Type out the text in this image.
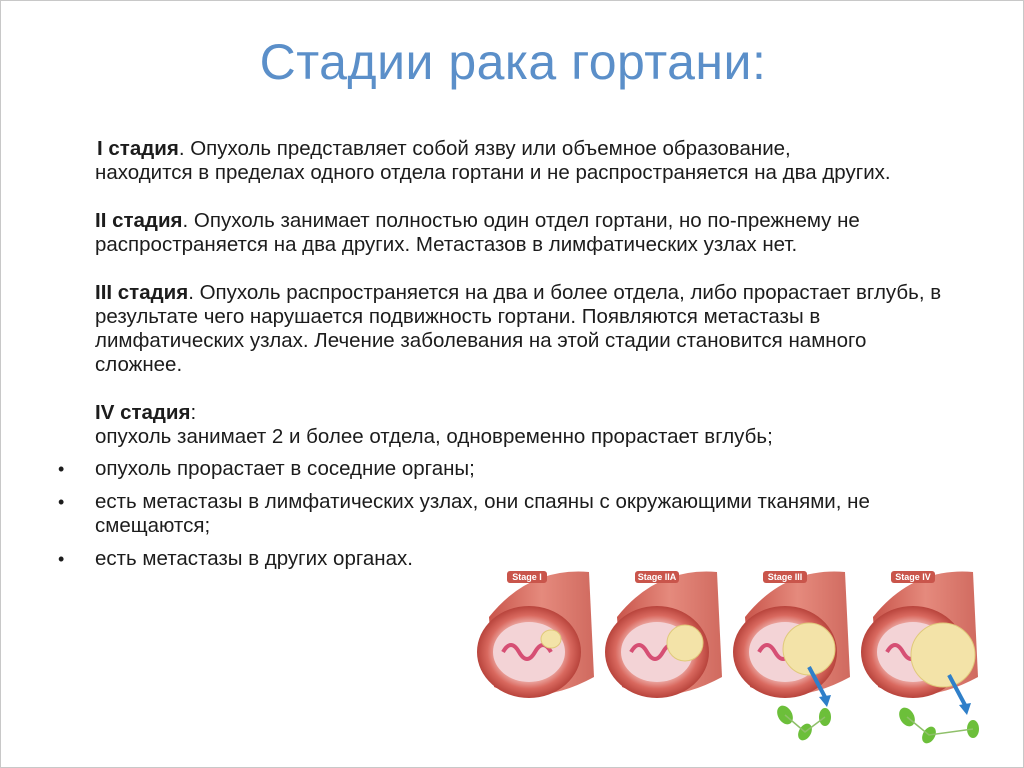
Стадии рака гортани:

I стадия. Опухоль представляет собой язву или объемное образование,

находится в пределах одного отдела гортани и не распространяется на два других.

II стадия. Опухоль занимает полностью один отдел гортани, но по-прежнему не распространяется на два других. Метастазов в лимфатических узлах нет.

III стадия. Опухоль распространяется на два и более отдела, либо прорастает вглубь, в результате чего нарушается подвижность гортани. Появляются метастазы в лимфатических узлах. Лечение заболевания на этой стадии становится намного сложнее.

IV стадия:

опухоль занимает 2 и более отдела, одновременно прорастает вглубь;

• опухоль прорастает в соседние органы;
• есть метастазы в лимфатических узлах, они спаяны с окружающими тканями, не смещаются;
• есть метастазы в других органах.
Stage I	Stage IIA	Stage III	Stage IV
